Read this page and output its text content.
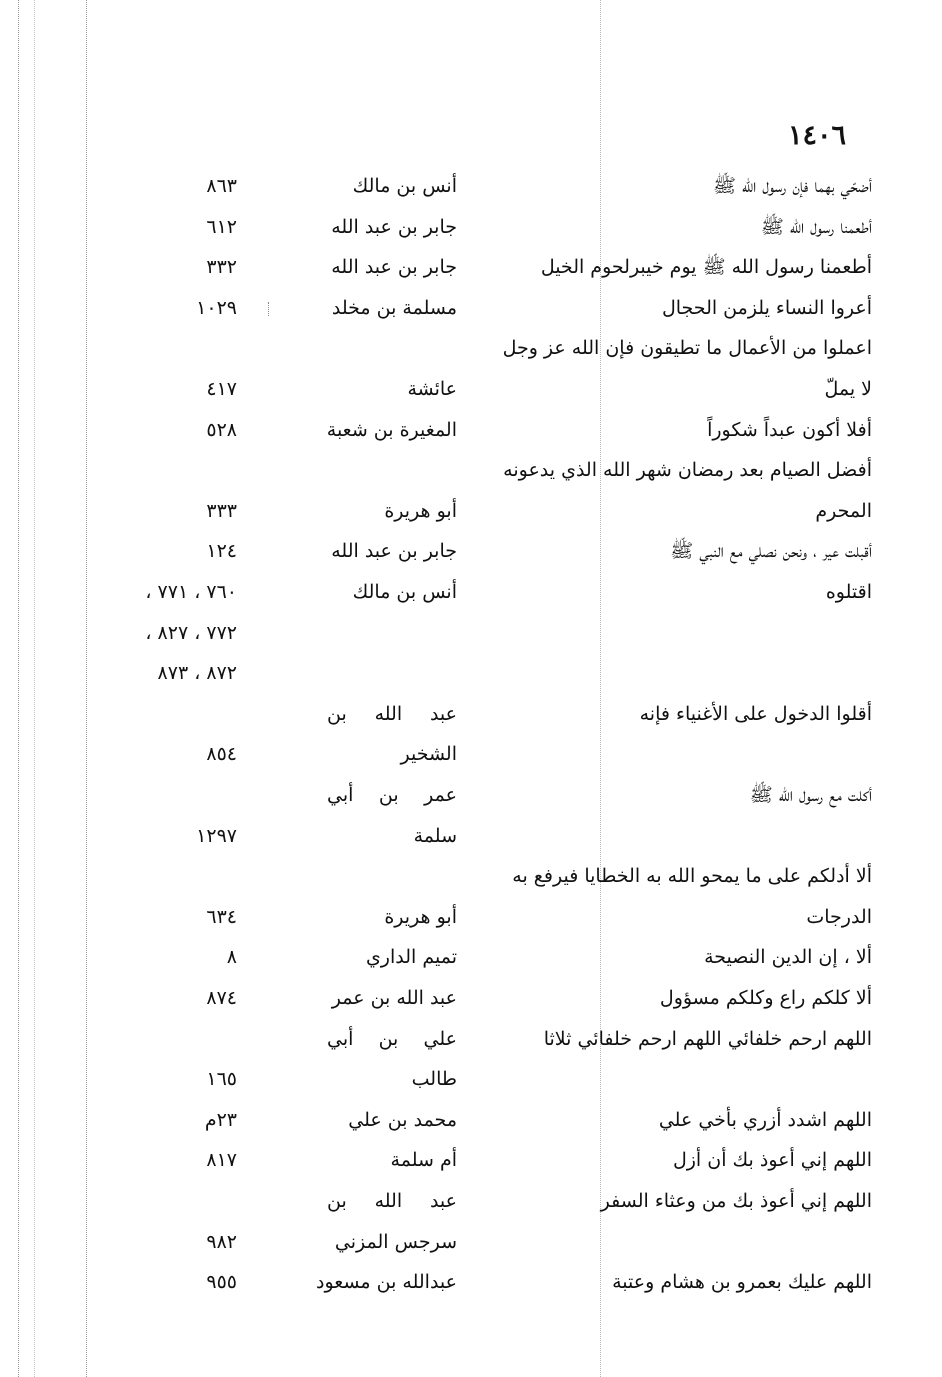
١٤٠٦
أضحّي بهما فإن رسول الله ﷺ
أنس بن مالك
٨٦٣
أطعمنا رسول الله ﷺ
جابر بن عبد الله
٦١٢
أطعمنا رسول الله ﷺ يوم خيبرلحوم الخيل
جابر بن عبد الله
٣٣٢
أعروا النساء يلزمن الحجال
مسلمة بن مخلد
١٠٢٩
اعملوا من الأعمال ما تطيقون فإن الله عز وجل
لا يملّ
عائشة
٤١٧
أفلا أكون عبداً شكوراً
المغيرة بن شعبة
٥٢٨
أفضل الصيام بعد رمضان شهر الله الذي يدعونه
المحرم
أبو هريرة
٣٣٣
أقبلت عير ، ونحن نصلي مع النبي ﷺ
جابر بن عبد الله
١٢٤
اقتلوه
أنس بن مالك
٧٦٠ ، ٧٧١ ،
٧٧٢ ، ٨٢٧ ،
٨٧٢ ، ٨٧٣
أقلوا الدخول على الأغنياء فإنه
عبد الله بن
الشخير
٨٥٤
أكلت مع رسول الله ﷺ
عمر بن أبي
سلمة
١٢٩٧
ألا أدلكم على ما يمحو الله به الخطايا فيرفع به
الدرجات
أبو هريرة
٦٣٤
ألا ، إن الدين النصيحة
تميم الداري
٨
ألا كلكم راع وكلكم مسؤول
عبد الله بن عمر
٨٧٤
اللهم ارحم خلفائي اللهم ارحم خلفائي ثلاثا
علي بن أبي
طالب
١٦٥
اللهم اشدد أزري بأخي علي
محمد بن علي
٢٣م
اللهم إني أعوذ بك أن أزل
أم سلمة
٨١٧
اللهم إني أعوذ بك من وعثاء السفر
عبد الله بن
سرجس المزني
٩٨٢
اللهم عليك بعمرو بن هشام وعتبة
عبدالله بن مسعود
٩٥٥
